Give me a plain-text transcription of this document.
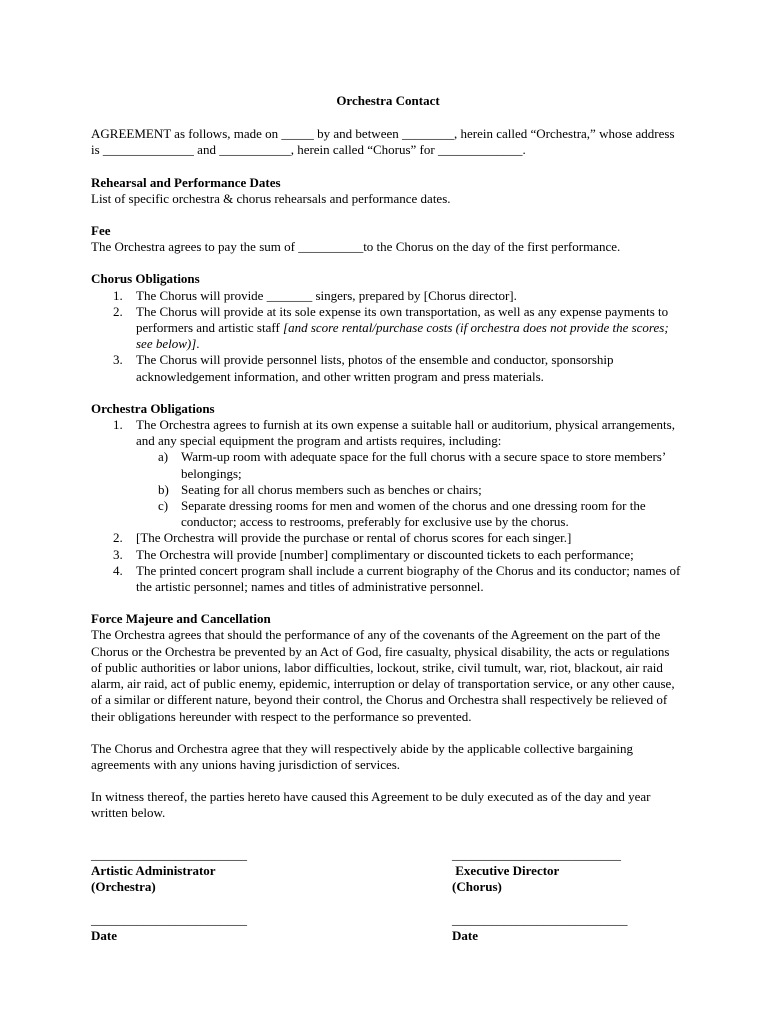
Orchestra Contact

AGREEMENT as follows, made on _____ by and between ________, herein called “Orchestra,” whose address is ______________ and ___________, herein called “Chorus” for _____________.

Rehearsal and Performance Dates

List of specific orchestra & chorus rehearsals and performance dates.

Fee

The Orchestra agrees to pay the sum of __________to the Chorus on the day of the first performance.

Chorus Obligations

1. The Chorus will provide _______ singers, prepared by [Chorus director].
2. The Chorus will provide at its sole expense its own transportation, as well as any expense payments to performers and artistic staff [and score rental/purchase costs (if orchestra does not provide the scores; see below)].
3. The Chorus will provide personnel lists, photos of the ensemble and conductor, sponsorship acknowledgement information, and other written program and press materials.

Orchestra Obligations

1. The Orchestra agrees to furnish at its own expense a suitable hall or auditorium, physical arrangements, and any special equipment the program and artists requires, including:
a) Warm-up room with adequate space for the full chorus with a secure space to store members’ belongings;
b) Seating for all chorus members such as benches or chairs;
c) Separate dressing rooms for men and women of the chorus and one dressing room for the conductor; access to restrooms, preferably for exclusive use by the chorus.
2. [The Orchestra will provide the purchase or rental of chorus scores for each singer.]
3. The Orchestra will provide [number] complimentary or discounted tickets to each performance;
4. The printed concert program shall include a current biography of the Chorus and its conductor; names of the artistic personnel; names and titles of administrative personnel.

Force Majeure and Cancellation

The Orchestra agrees that should the performance of any of the covenants of the Agreement on the part of the Chorus or the Orchestra be prevented by an Act of God, fire casualty, physical disability, the acts or regulations of public authorities or labor unions, labor difficulties, lockout, strike, civil tumult, war, riot, blackout, air raid alarm, air raid, act of public enemy, epidemic, interruption or delay of transportation service, or any other cause, of a similar or different nature, beyond their control, the Chorus and Orchestra shall respectively be relieved of their obligations hereunder with respect to the performance so prevented.

The Chorus and Orchestra agree that they will respectively abide by the applicable collective bargaining agreements with any unions having jurisdiction of services.

In witness thereof, the parties hereto have caused this Agreement to be duly executed as of the day and year written below.

________________________
Artistic Administrator
(Orchestra)
__________________________
Executive Director
(Chorus)
________________________
Date
___________________________
Date
